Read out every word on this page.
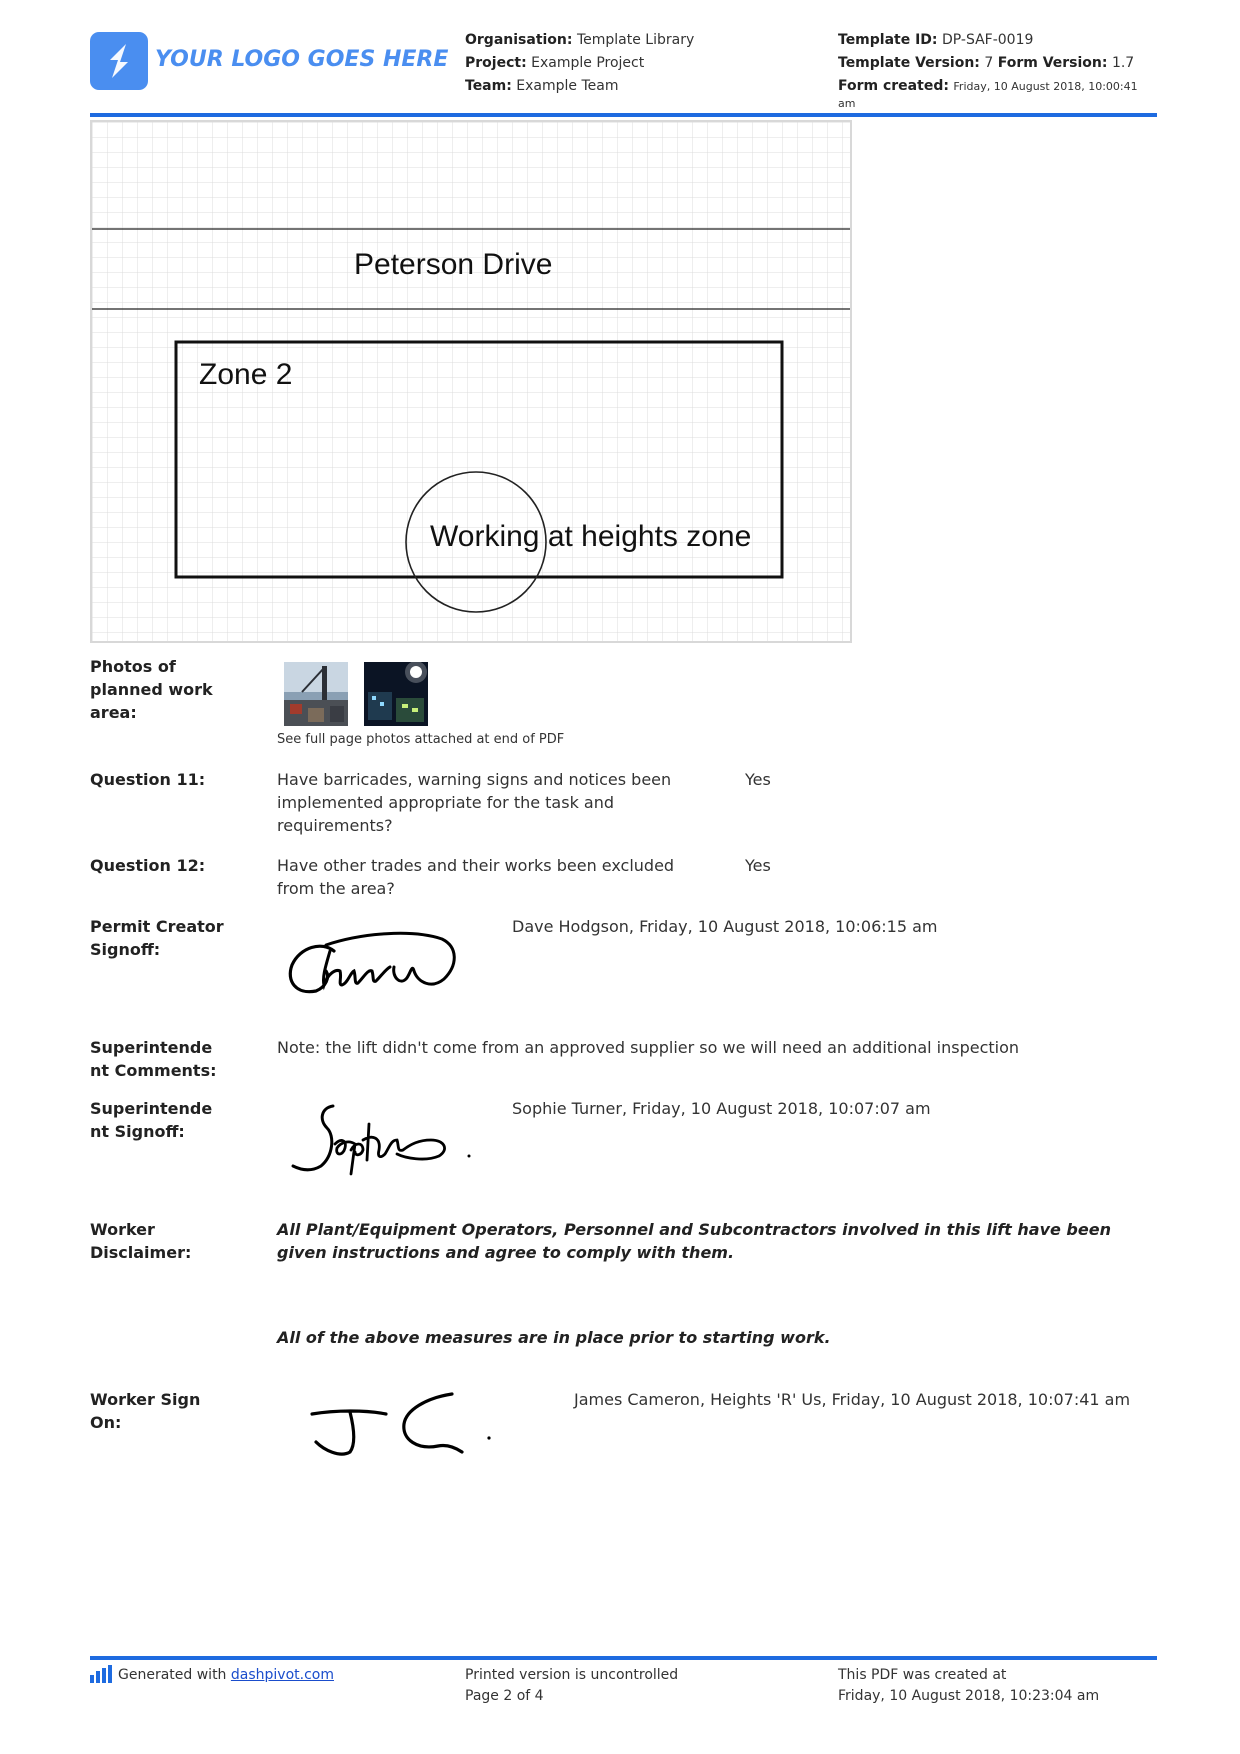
YOUR LOGO GOES HERE
Organisation: Template Library
Project: Example Project
Team: Example Team
Template ID: DP-SAF-0019
Template Version: 7 Form Version: 1.7
Form created: Friday, 10 August 2018, 10:00:41 am
Peterson Drive
Zone 2
Working at heights zone
Photos of planned work area:
See full page photos attached at end of PDF
Question 11:	Have barricades, warning signs and notices been implemented appropriate for the task and requirements?
Yes
Question 12:	Have other trades and their works been excluded from the area?
Yes
Permit Creator Signoff:
Dave Hodgson, Friday, 10 August 2018, 10:06:15 am
Superintendent Comments:
Note: the lift didn't come from an approved supplier so we will need an additional inspection
Superintendent Signoff:
Sophie Turner, Friday, 10 August 2018, 10:07:07 am
Worker Disclaimer:
All Plant/Equipment Operators, Personnel and Subcontractors involved in this lift have been given instructions and agree to comply with them.
All of the above measures are in place prior to starting work.
Worker Sign On:
James Cameron, Heights 'R' Us, Friday, 10 August 2018, 10:07:41 am
Generated with dashpivot.com	Printed version is uncontrolled
Page 2 of 4
This PDF was created at
Friday, 10 August 2018, 10:23:04 am
